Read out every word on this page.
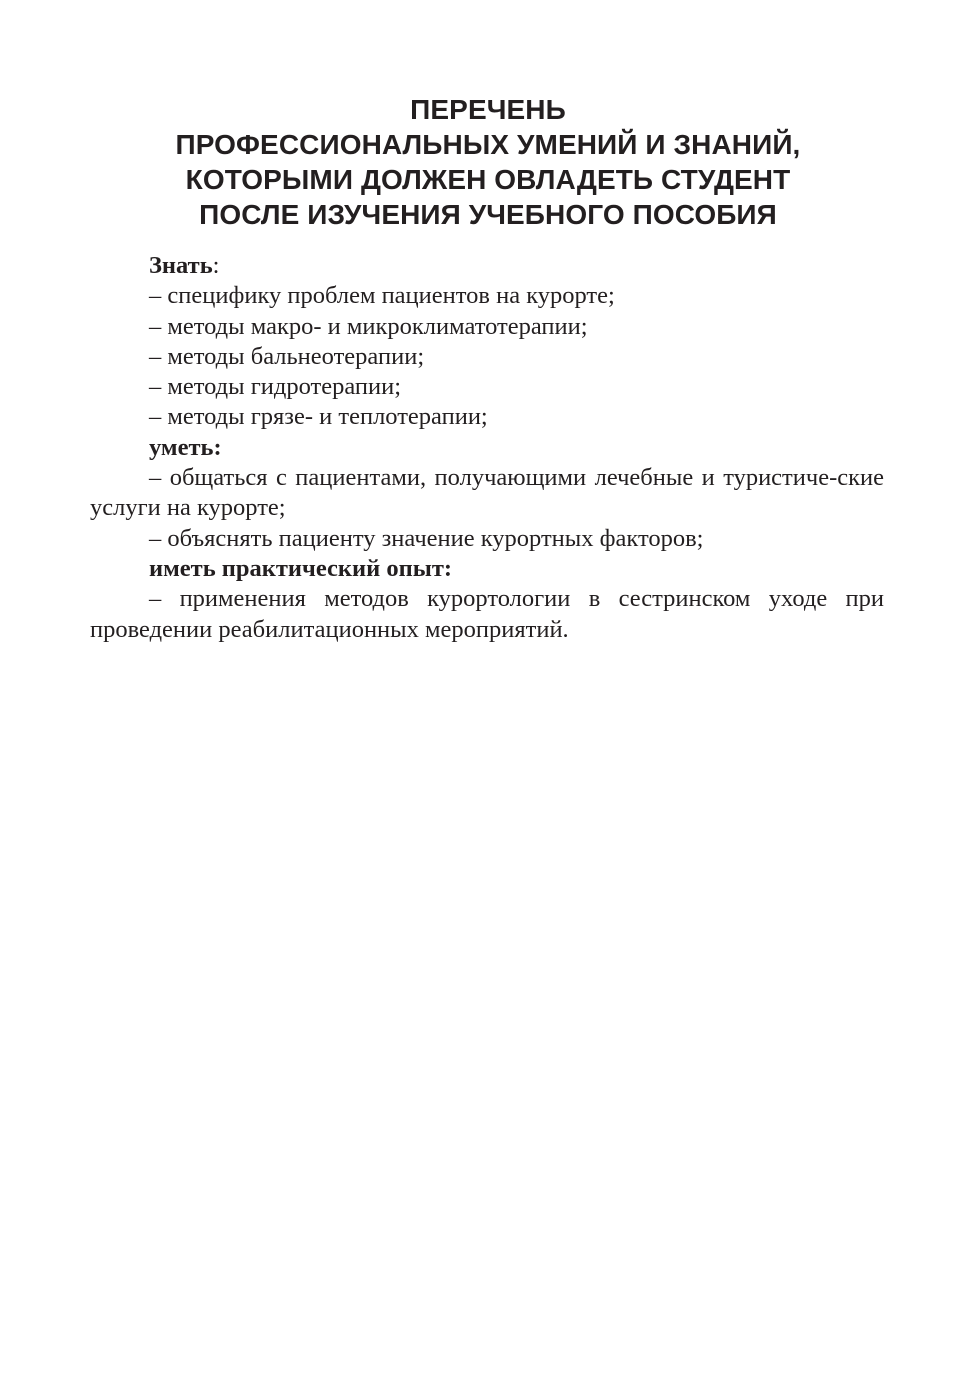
ПЕРЕЧЕНЬ
ПРОФЕССИОНАЛЬНЫХ УМЕНИЙ И ЗНАНИЙ,
КОТОРЫМИ ДОЛЖЕН ОВЛАДЕТЬ СТУДЕНТ
ПОСЛЕ ИЗУЧЕНИЯ УЧЕБНОГО ПОСОБИЯ

Знать:

– специфику проблем пациентов на курорте;

– методы макро- и микроклиматотерапии;

– методы бальнеотерапии;

– методы гидротерапии;

– методы грязе- и теплотерапии;

уметь:

– общаться с пациентами, получающими лечебные и туристиче-ские услуги на курорте;

– объяснять пациенту значение курортных факторов;

иметь практический опыт:

– применения методов курортологии в сестринском уходе при проведении реабилитационных мероприятий.
